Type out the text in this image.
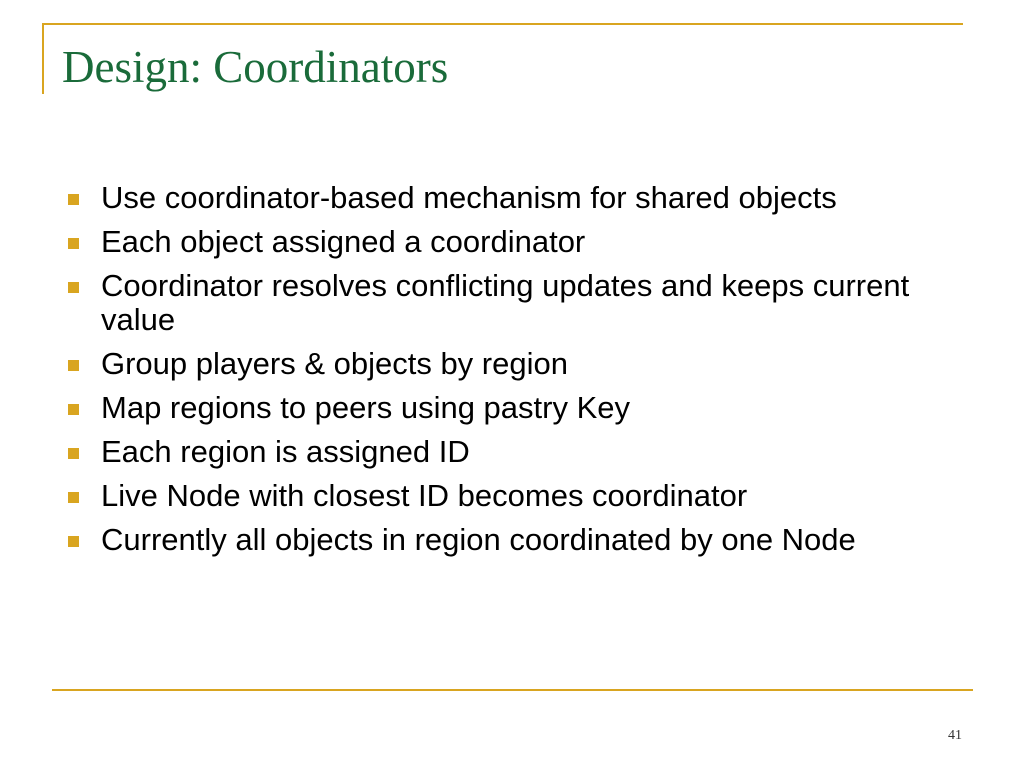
Design: Coordinators
Use coordinator-based mechanism for shared objects
Each object assigned a coordinator
Coordinator resolves conflicting updates and keeps current value
Group players & objects by region
Map regions to peers using pastry Key
Each region is assigned ID
Live Node with closest ID becomes coordinator
Currently all objects in region coordinated by one Node
41
